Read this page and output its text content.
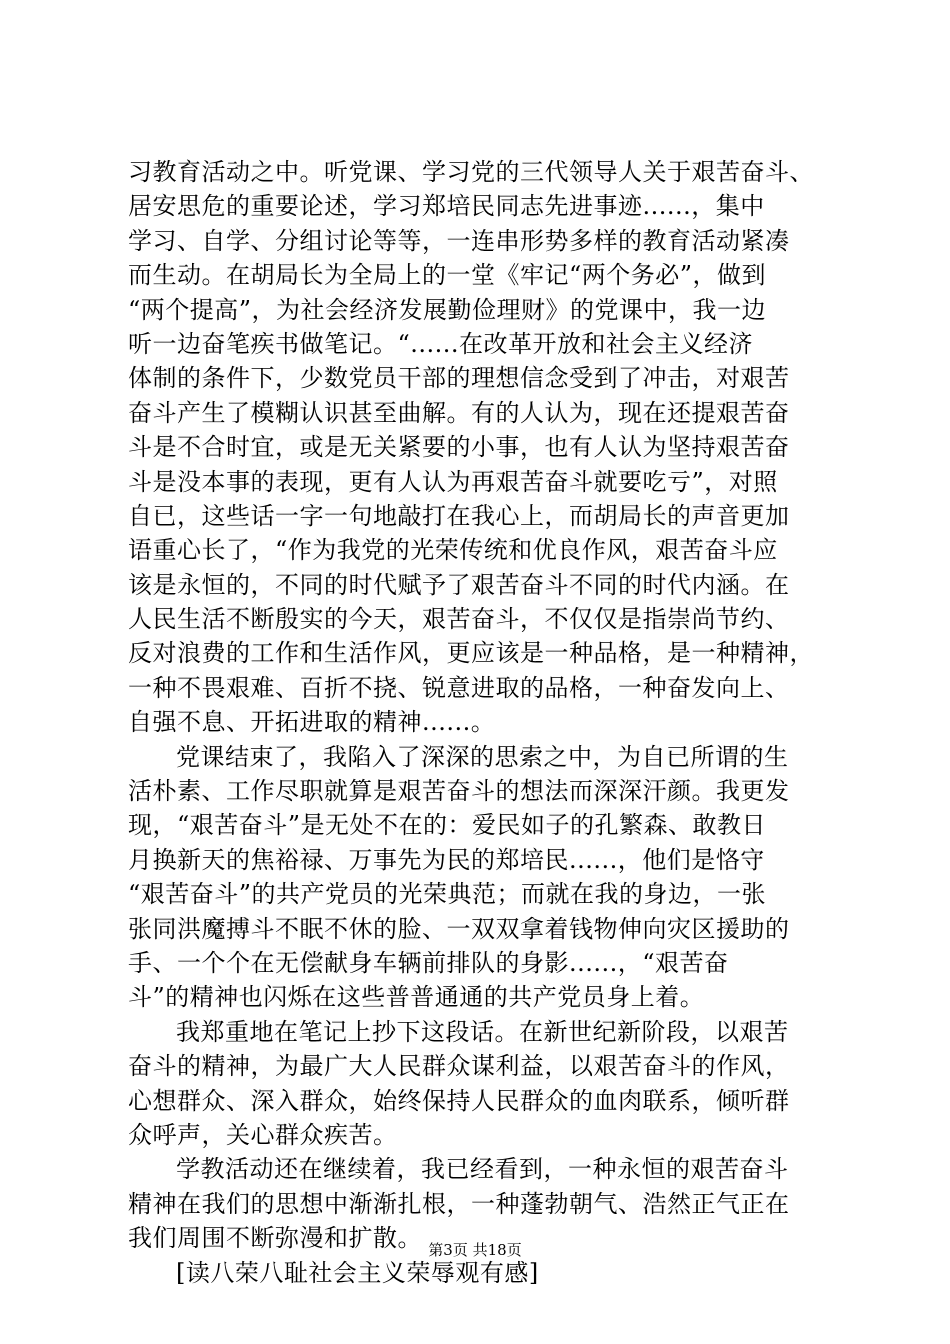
习教育活动之中。听党课、学习党的三代领导人关于艰苦奋斗、
居安思危的重要论述，学习郑培民同志先进事迹......，集中
学习、自学、分组讨论等等，一连串形势多样的教育活动紧凑
而生动。在胡局长为全局上的一堂《牢记“两个务必”，做到
“两个提高”，为社会经济发展勤俭理财》的党课中，我一边
听一边奋笔疾书做笔记。“......在改革开放和社会主义经济
体制的条件下，少数党员干部的理想信念受到了冲击，对艰苦
奋斗产生了模糊认识甚至曲解。有的人认为，现在还提艰苦奋
斗是不合时宜，或是无关紧要的小事，也有人认为坚持艰苦奋
斗是没本事的表现，更有人认为再艰苦奋斗就要吃亏”，对照
自已，这些话一字一句地敲打在我心上，而胡局长的声音更加
语重心长了，“作为我党的光荣传统和优良作风，艰苦奋斗应
该是永恒的，不同的时代赋予了艰苦奋斗不同的时代内涵。在
人民生活不断殷实的今天，艰苦奋斗，不仅仅是指崇尚节约、
反对浪费的工作和生活作风，更应该是一种品格，是一种精神，
一种不畏艰难、百折不挠、锐意进取的品格，一种奋发向上、
自强不息、开拓进取的精神......。
党课结束了，我陷入了深深的思索之中，为自已所谓的生
活朴素、工作尽职就算是艰苦奋斗的想法而深深汗颜。我更发
现，“艰苦奋斗”是无处不在的：爱民如子的孔繁森、敢教日
月换新天的焦裕禄、万事先为民的郑培民......，他们是恪守
“艰苦奋斗”的共产党员的光荣典范；而就在我的身边，一张
张同洪魔搏斗不眠不休的脸、一双双拿着钱物伸向灾区援助的
手、一个个在无偿献身车辆前排队的身影......，“艰苦奋
斗”的精神也闪烁在这些普普通通的共产党员身上着。
我郑重地在笔记上抄下这段话。在新世纪新阶段，以艰苦
奋斗的精神，为最广大人民群众谋利益，以艰苦奋斗的作风，
心想群众、深入群众，始终保持人民群众的血肉联系，倾听群
众呼声，关心群众疾苦。
学教活动还在继续着，我已经看到，一种永恒的艰苦奋斗
精神在我们的思想中渐渐扎根，一种蓬勃朝气、浩然正气正在
我们周围不断弥漫和扩散。
[读八荣八耻社会主义荣辱观有感]
第3页 共18页
